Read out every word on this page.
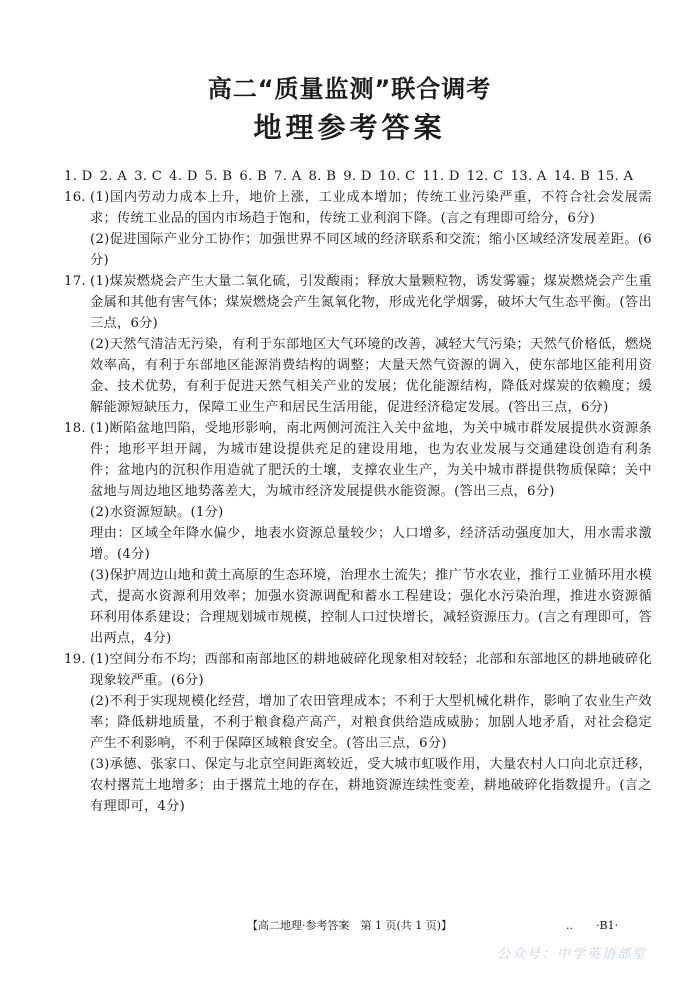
高二“质量监测”联合调考
地理参考答案
1. D 2. A 3. C 4. D 5. B 6. B 7. A 8. B 9. D 10. C 11. D 12. C 13. A 14. B 15. A
16. (1)国内劳动力成本上升，地价上涨，工业成本增加；传统工业污染严重，不符合社会发展需求；传统工业品的国内市场趋于饱和，传统工业利润下降。(言之有理即可给分，6分)
(2)促进国际产业分工协作；加强世界不同区域的经济联系和交流；缩小区域经济发展差距。(6分)
17. (1)煤炭燃烧会产生大量二氧化硫，引发酸雨；释放大量颗粒物，诱发雾霾；煤炭燃烧会产生重金属和其他有害气体；煤炭燃烧会产生氮氧化物，形成光化学烟雾，破坏大气生态平衡。(答出三点，6分)
(2)天然气清洁无污染，有利于东部地区大气环境的改善，减轻大气污染；天然气价格低，燃烧效率高，有利于东部地区能源消费结构的调整；大量天然气资源的调入，使东部地区能利用资金、技术优势，有利于促进天然气相关产业的发展；优化能源结构，降低对煤炭的依赖度；缓解能源短缺压力，保障工业生产和居民生活用能，促进经济稳定发展。(答出三点，6分)
18. (1)断陷盆地凹陷，受地形影响，南北两侧河流注入关中盆地，为关中城市群发展提供水资源条件；地形平坦开阔，为城市建设提供充足的建设用地，也为农业发展与交通建设创造有利条件；盆地内的沉积作用造就了肥沃的土壤，支撑农业生产，为关中城市群提供物质保障；关中盆地与周边地区地势落差大，为城市经济发展提供水能资源。(答出三点，6分)
(2)水资源短缺。(1分)
理由：区域全年降水偏少，地表水资源总量较少；人口增多，经济活动强度加大，用水需求激增。(4分)
(3)保护周边山地和黄土高原的生态环境，治理水土流失；推广节水农业，推行工业循环用水模式，提高水资源利用效率；加强水资源调配和蓄水工程建设；强化水污染治理，推进水资源循环利用体系建设；合理规划城市规模，控制人口过快增长，减轻资源压力。(言之有理即可，答出两点，4分)
19. (1)空间分布不均；西部和南部地区的耕地破碎化现象相对较轻；北部和东部地区的耕地破碎化现象较严重。(6分)
(2)不利于实现规模化经营，增加了农田管理成本；不利于大型机械化耕作，影响了农业生产效率；降低耕地质量，不利于粮食稳产高产，对粮食供给造成威胁；加剧人地矛盾，对社会稳定产生不利影响，不利于保障区域粮食安全。(答出三点，6分)
(3)承德、张家口、保定与北京空间距离较近，受大城市虹吸作用，大量农村人口向北京迁移，农村撂荒土地增多；由于撂荒土地的存在，耕地资源连续性变差，耕地破碎化指数提升。(言之有理即可，4分)
【高二地理·参考答案　第 1 页(共 1 页)】	.. ·B1·
公众号：中学英语部堂
